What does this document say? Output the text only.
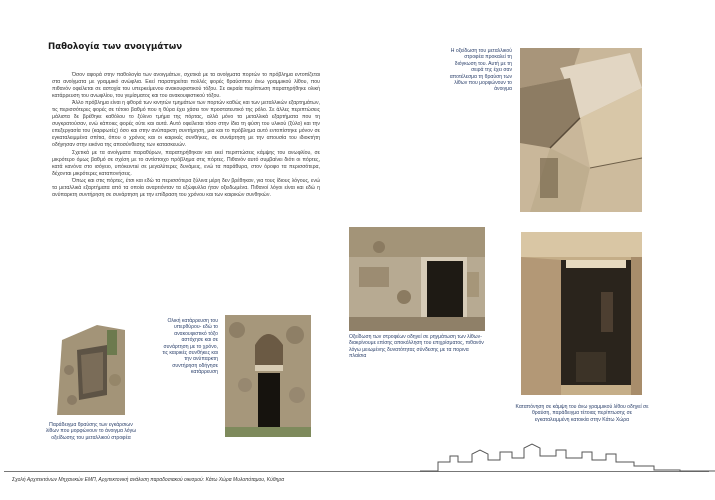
Παθολογία των ανοιγμάτων

Όσον αφορά στην παθολογία των ανοιγμάτων, σχετικά με τα ανοίγματα πορτών το πρόβλημα εντοπίζεται στα ανοίγματα με γραμμικό ανώφλια. Εκεί παρατηρείται πολλές φορές θραύσιπου άνω γραμμικού λίθου, που πιθανόν οφείλεται σε αστοχία του υπερκείμενου ανακουφιστικού τόξου. Σε ακραία περίπτωση παρατηρήθηκε ολική κατάρρευση του ανωφλίου, του γεμίσματος και του ανακουφιστικού τόξου.

Άλλο πρόβλημα είναι η φθορά των κινητών τμημάτων των πορτών καθώς και των μεταλλικών εξαρτημάτων, τις περισσότερες φορές σε τέτοιο βαθμό που η θύρα έχει χάσει τον προστατευτικό της ρόλο. Σε άλλες περιπτώσεις μάλιστα δε βρέθηκε καθόλου το ξύλινο τμήμα της πόρτας, αλλά μόνο τα μεταλλικά εξαρτήματα που τη συγκρατούσαν, ενώ κάποιες φορές ούτε και αυτά. Αυτό οφείλεται τόσο στην ίδια τη φύση του υλικού (ξύλο) και την επεξεργασία του (καρφωτές) όσο και στην ανύπαρκτη συντήρηση, μια και το πρόβλημα αυτό εντοπίστηκε μόνον σε εγκαταλειμμένα σπίτια, όπου ο χρόνος και οι καιρικές συνθήκες, σε συνάρτηση με την απουσία του ιδιοκτήτη οδήγησαν στην εικόνα της αποσύνθεσης των κατασκευών.

Σχετικά με τα ανοίγματα παραθύρων, παρατηρήθηκαν και εκεί περιπτώσεις κάμψης του ανωφλίου, σε μικρότερο όμως βαθμό σε σχέση με το αντίστοιχο πρόβλημα στις πόρτες. Πιθανόν αυτό συμβαίνει διότι οι πόρτες, κατά κανόνα στο ισόγειο, υπόκειντai σε μεγαλύτερες δυνάμεις, ενώ τα παράθυρα, στον όροφο τα περισσότερα, δέχονται μικρότερες καταπονήσεις.

Όπως και στις πόρτες, έτσι και εδώ τα περισσότερα ξύλινα μέρη δεν βρέθηκαν, για τους ίδιους λόγους, ενώ τα μεταλλικά εξαρτήματα από τα οποία αναρτιόνταν τα εξώφυλλα ήταν οξειδωμένα. Πιθανοί λόγοι είναι και εδώ η ανύπαρκτη συντήρηση σε συνάρτηση με την επίδραση του χρόνου και των καιρικών συνθηκών.

Η οξείδωση του μεταλλικού στροφέα προκαλεί τη διόγκωση του. Αυτή με τη σειρά της έχει σαν αποτέλεσμα τη θραύση των λίθων που μορφώνουν το άνοιγμα
Οξείδωση των στροφέων οδηγεί σε ρηγμάτωση των λίθων- διακρίνουμε επίσης αποκόλληση του επιχρίσματος, πιθανόν λόγω μειωμένης δυνατότητας σύνδεσης με τα πορινα πλαίσια
Καταπόνηση σε κάμψη του άνω γραμμικού λίθου οδηγεί σε θραύση, παράδειγμα τέτοιας περίπτωσης σε εγκαταλειμμένη κατοικία στην Κάτω Χώρα
Παράδειγμα θραύσης των εγκάρσιων λίθων που μορφώνουν το άνοιγμα λόγω οξείδωσης του μεταλλικού στροφέα
Ολική κατάρρευση του υπερθύρου- εδώ το ανακουφιστικό τόξο αστόχησε και σε συνάρτηση με το χρόνο, τις καιρικές συνθήκες και την ανύπαρκτη συντήρηση οδήγησε κατάρρευση
Σχολή Αρχιτεκτόνων Μηχανικών ΕΜΠ, Αρχιτεκτονική ανάλυση παραδοσιακού οικισμού: Κάτω Χώρα Μυλοπόταμου, Κύθηρα
